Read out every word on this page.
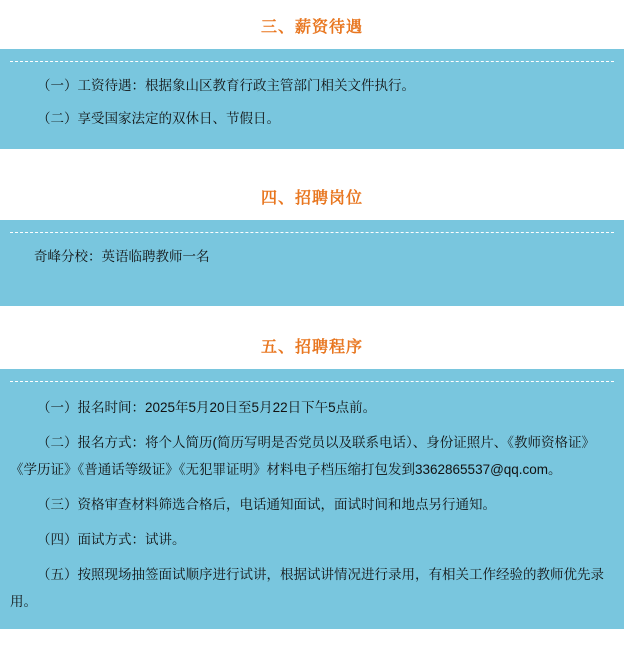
三、薪资待遇

（一）工资待遇：根据象山区教育行政主管部门相关文件执行。

（二）享受国家法定的双休日、节假日。

四、招聘岗位

奇峰分校：英语临聘教师一名

五、招聘程序

（一）报名时间：2025年5月20日至5月22日下午5点前。

（二）报名方式：将个人简历(简历写明是否党员以及联系电话）、身份证照片、《教师资格证》《学历证》《普通话等级证》《无犯罪证明》材料电子档压缩打包发到3362865537@qq.com。

（三）资格审查材料筛选合格后，电话通知面试，面试时间和地点另行通知。

（四）面试方式：试讲。

（五）按照现场抽签面试顺序进行试讲，根据试讲情况进行录用，有相关工作经验的教师优先录用。
